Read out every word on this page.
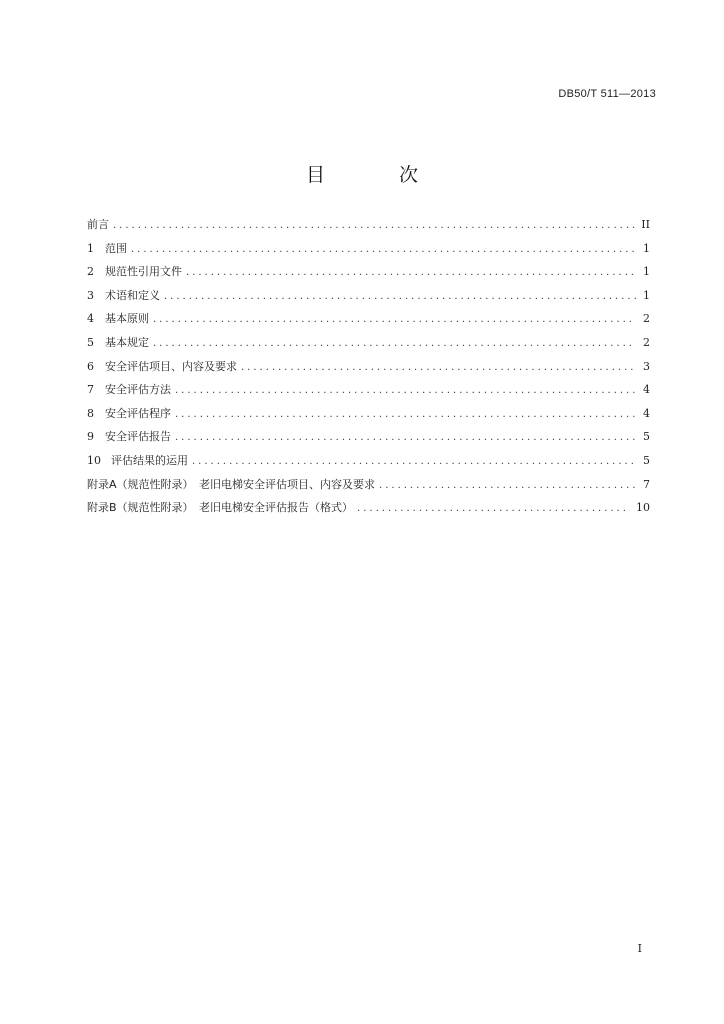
DB50/T 511—2013
目 次
前言 .....	II
1	范围 .....	1
2	规范性引用文件 .....	1
3	术语和定义 .....	1
4	基本原则 .....	2
5	基本规定 .....	2
6	安全评估项目、内容及要求 .....	3
7	安全评估方法 .....	4
8	安全评估程序 .....	4
9	安全评估报告 .....	5
10 评估结果的运用 .....	5
附录A（规范性附录）　老旧电梯安全评估项目、内容及要求 .....	7
附录B（规范性附录）　老旧电梯安全评估报告（格式） .....	10
I
